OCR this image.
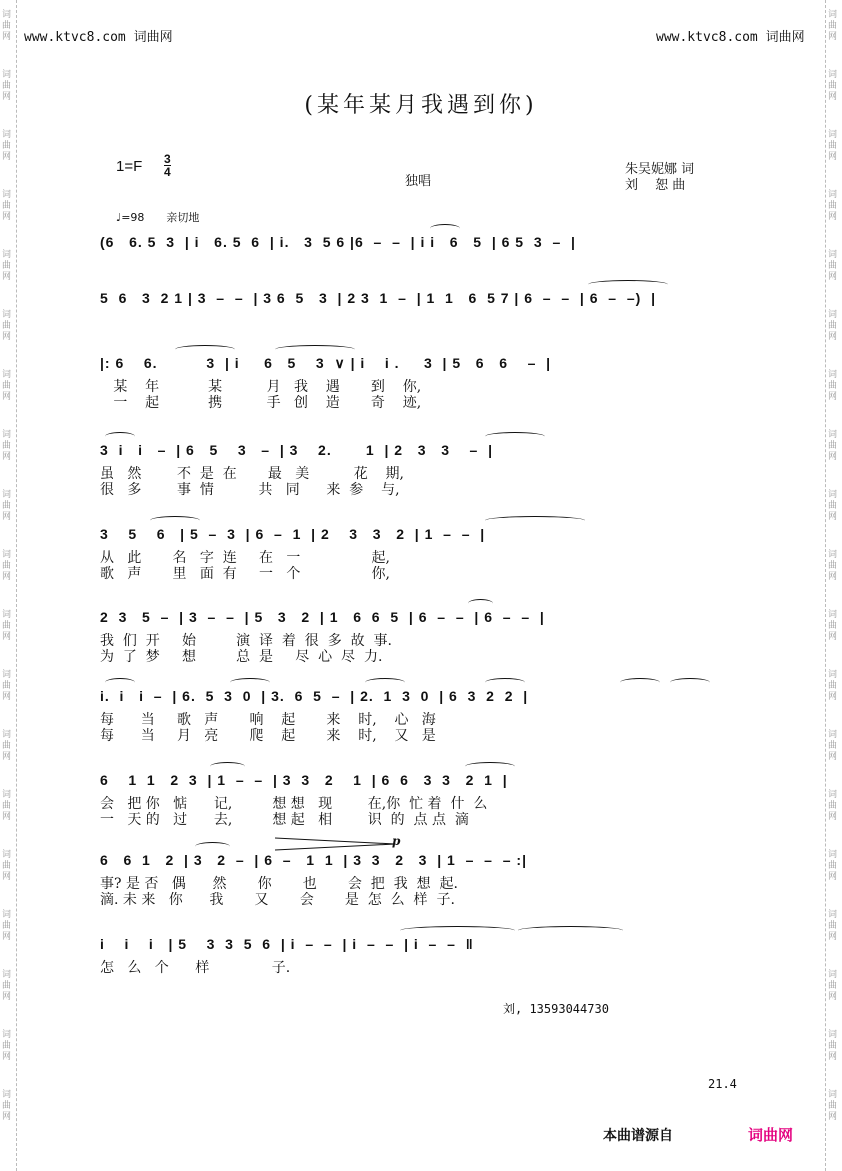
词
曲
网
词
曲
网
词
曲
网
词
曲
网
词
曲
网
词
曲
网
词
曲
网
词
曲
网
词
曲
网
词
曲
网
词
曲
网
词
曲
网
词
曲
网
词
曲
网
词
曲
网
词
曲
网
词
曲
网
词
曲
网
词
曲
网
词
曲
网
词
曲
网
词
曲
网
词
曲
网
词
曲
网
词
曲
网
词
曲
网
词
曲
网
词
曲
网
词
曲
网
词
曲
网
词
曲
网
词
曲
网
词
曲
网
词
曲
网
词
曲
网
词
曲
网
词
曲
网
词
曲
网
www.ktvc8.com 词曲网	www.ktvc8.com 词曲网
(某年某月我遇到你)
$1=F \frac{3}{4}$
独唱
朱吴妮娜 词
刘　 恕 曲
♩=98　　亲切地
(6   6. 5  3  | i   6. 5  6  | i.   3  5 6 |6  –  –  | i i   6   5  | 6 5  3  –  |
5  6   3  2 1 | 3  –  –  | 3 6  5   3  | 2 3  1  –  | 1  1   6  5 7 | 6  –  –  | 6  –  –)  |
|: 6    6.          3  | i     6   5    3  ∨ | i    i .     3  | 5   6   6    –  |
某    年           某          月   我    遇       到    你,
一    起           携          手   创    造       奇    迹,
3  i   i   –  | 6   5    3   –  | 3    2.       1  | 2   3   3    –  |
虽   然        不  是  在       最   美          花    期,
很   多        事  情          共   同      来  参    与,
3    5    6   | 5  –  3  | 6  –  1  | 2    3   3   2  | 1  –  –  |
从   此       名   字  连     在   一                起,
歌   声       里   面  有     一   个                你,
2  3   5  –  | 3  –  –  | 5   3   2  | 1   6  6  5  | 6  –  –  | 6  –  –  |
我  们  开     始         演  译  着  很  多  故  事.
为  了  梦     想         总  是     尽  心  尽  力.
i.  i   i  –  | 6.  5  3  0  | 3.  6  5  –  | 2.  1  3  0  | 6  3  2  2  |
每      当     歌   声       响    起       来    时,    心   海
每      当     月   亮       爬    起       来    时,    又   是
6    1  1   2  3  | 1  –  –  | 3  3   2    1  | 6  6   3  3   2  1  |
会   把 你   惦      记,         想 想   现        在,你  忙 着  什  么
一   天 的   过      去,         想 起   相        识  的  点 点  滴
6   6  1   2  | 3   2  –  | 6  –   1  1  | 3  3   2   3  | 1  –  –  – :|
事? 是 否   偶      然       你       也       会  把  我  想  起.
滴. 未 来   你      我       又       会       是  怎  么  样  子.
p
i    i    i   | 5    3  3  5  6  | i  –  –  | i  –  –  | i  –  –  ‖
怎   么   个      样              子.
刘, 13593044730
21.4
本曲谱源自	词曲网
